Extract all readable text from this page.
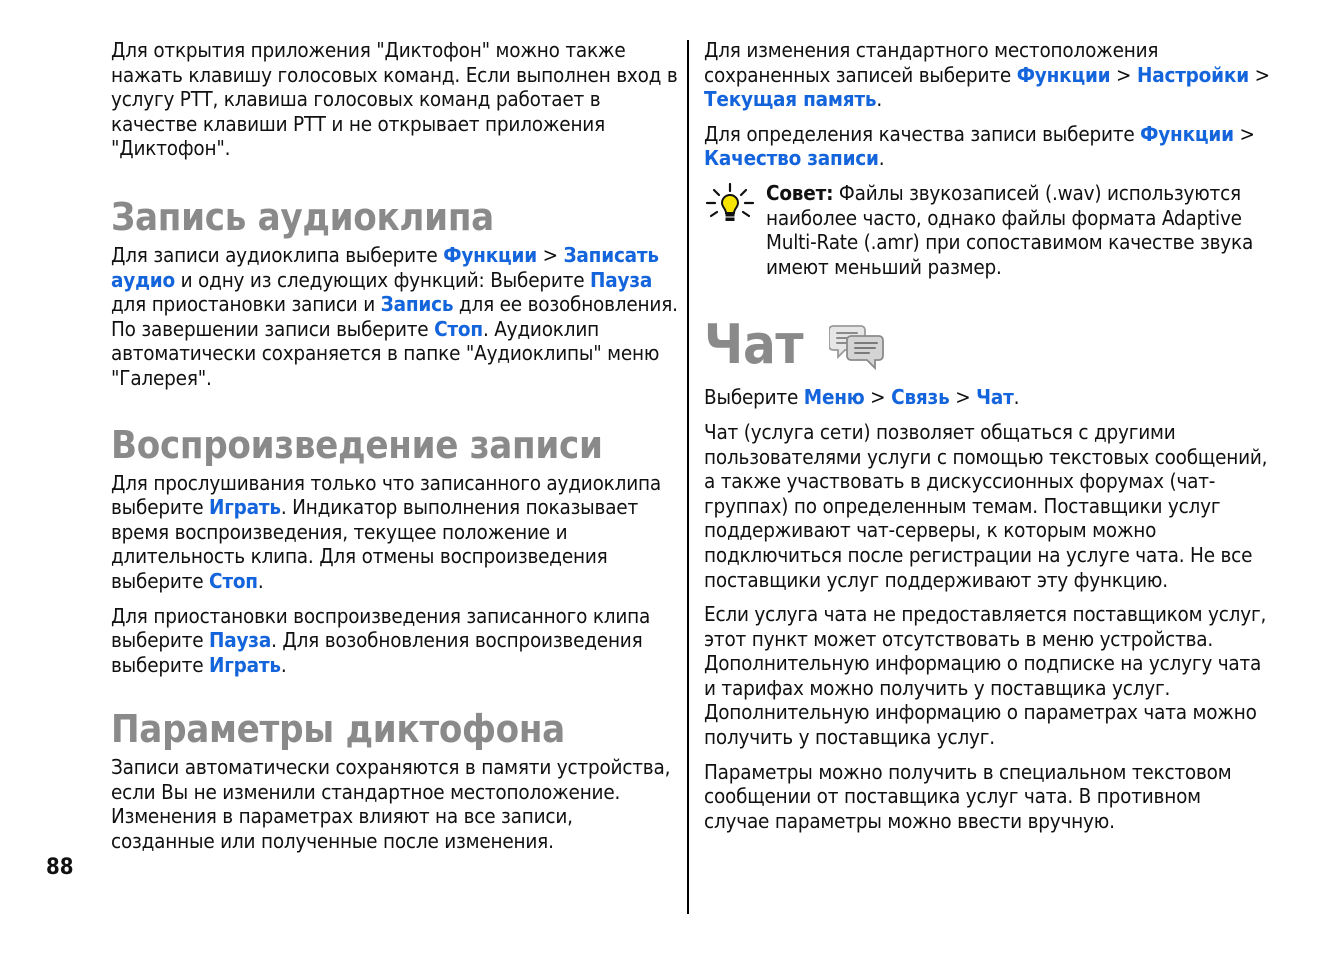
Для открытия приложения "Диктофон" можно также нажать клавишу голосовых команд. Если выполнен вход в услугу PTT, клавиша голосовых команд работает в качестве клавиши PTT и не открывает приложения "Диктофон".

Запись аудиоклипа

Для записи аудиоклипа выберите Функции > Записать аудио и одну из следующих функций: Выберите Пауза для приостановки записи и Запись для ее возобновления. По завершении записи выберите Стоп. Аудиоклип автоматически сохраняется в папке "Аудиоклипы" меню "Галерея".

Воспроизведение записи

Для прослушивания только что записанного аудиоклипа выберите Играть. Индикатор выполнения показывает время воспроизведения, текущее положение и длительность клипа. Для отмены воспроизведения выберите Стоп.

Для приостановки воспроизведения записанного клипа выберите Пауза. Для возобновления воспроизведения выберите Играть.

Параметры диктофона

Записи автоматически сохраняются в памяти устройства, если Вы не изменили стандартное местоположение. Изменения в параметрах влияют на все записи, созданные или полученные после изменения.

88

Для изменения стандартного местоположения сохраненных записей выберите Функции > Настройки > Текущая память.

Для определения качества записи выберите Функции > Качество записи.

Совет: Файлы звукозаписей (.wav) используются наиболее часто, однако файлы формата Adaptive Multi-Rate (.amr) при сопоставимом качестве звука имеют меньший размер.

Чат

Выберите Меню > Связь > Чат.

Чат (услуга сети) позволяет общаться с другими пользователями услуги с помощью текстовых сообщений, а также участвовать в дискуссионных форумах (чат-группах) по определенным темам. Поставщики услуг поддерживают чат-серверы, к которым можно подключиться после регистрации на услуге чата. Не все поставщики услуг поддерживают эту функцию.

Если услуга чата не предоставляется поставщиком услуг, этот пункт может отсутствовать в меню устройства. Дополнительную информацию о подписке на услугу чата и тарифах можно получить у поставщика услуг. Дополнительную информацию о параметрах чата можно получить у поставщика услуг.

Параметры можно получить в специальном текстовом сообщении от поставщика услуг чата. В противном случае параметры можно ввести вручную.
